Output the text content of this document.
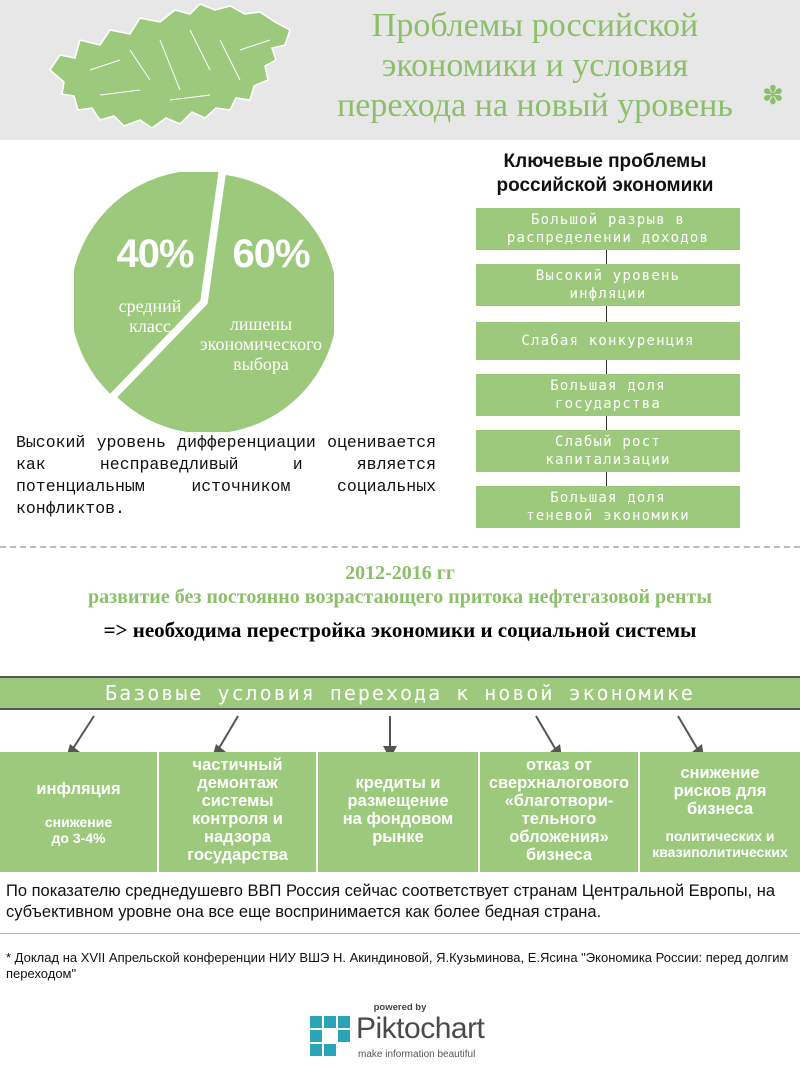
Проблемы российской
экономики и условия
перехода на новый уровень	✽
40%
средний
класс
60%
лишены
экономического
выбора
Высокий уровень дифференциации оценивается как несправедливый и является потенциальным источником социальных конфликтов.
Ключевые проблемы
российской экономики
Большой разрыв в
распределении доходов
Высокий уровень
инфляции
Слабая конкуренция
Большая доля
государства
Слабый рост
капитализации
Большая доля
теневой экономики
2012-2016 гг
развитие без постоянно возрастающего притока нефтегазовой ренты
=> необходима перестройка экономики и социальной системы
Базовые условия перехода к новой экономике
инфляция
снижение
до 3-4%
частичный
демонтаж
системы
контроля и
надзора
государства
кредиты и
размещение
на фондовом
рынке
отказ от
сверхналогового
«благотвори-
тельного
обложения»
бизнеса
снижение
рисков для
бизнеса
политических и
квазиполитических
По показателю среднедушевго ВВП Россия сейчас соответствует странам Центральной Европы, на субъективном уровне она все еще воспринимается как более бедная страна.
* Доклад на XVII Апрельской конференции НИУ ВШЭ Н. Акиндиновой, Я.Кузьминова, Е.Ясина "Экономика России: перед долгим переходом"
powered by
Piktochart
make information beautiful
